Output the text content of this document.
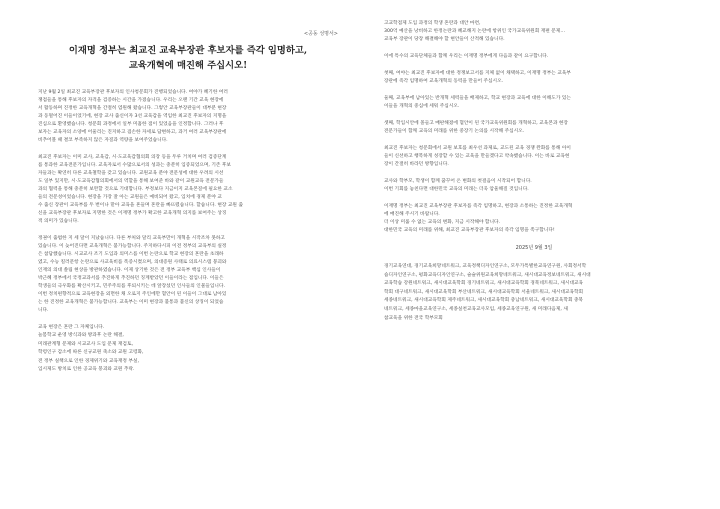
<공동 성명서>
이재명 정부는 최교진 교육부장관 후보자를 즉각 임명하고,
교육개혁에 매진해 주십시오!
지난 9월 2일 최교진 교육부장관 후보자의 인사청문회가 진행되었습니다. 여야가 혜기한 여러
쟁점들을 통해 후보자의 자격을 검증하는 시간을 가졌습니다. 우리는 오랜 기간 교육 현장에
서 활동하며 진정한 교육개혁을 간절히 염원해 왔습니다. 그렇안 교육부장관들이 대부분 현장
과 동떨어진 이들이었기에, 현장 교사 출신이자 3선 교육감을 역임한 최교진 후보자의 지명을
진심으로 환영했습니다. 청문회 과정에서 일부 미흡한 점이 있었음을 인정합니다. 그러나 후
보자는 교육자의 소양에 어울리는 진지하고 겸손한 자세로 답변하고, 과거 여러 교육부장관에
비추어볼 때 결코 부족하지 않은 자질과 역량을 보여주었습니다.
최교진 후보자는 이미 교사, 교육감, 시·도교육감협의회 의장 등을 두루 거치며 여러 검증단계
를 통과한 교육전문가입니다. 교육자로서 수많으로서의 성과는 충분히 입증되었으며, 기존 후보
자들과는 확연히 다른 교육철학을 갖고 있습니다. 교원교육 분야 전문성에 대한 우려의 시선
도 일부 있지만, 시·도교육감협의회에서의 역할을 통해 보여준 바와 같이 교원교육 전문가들
과의 협력을 통해 충분히 보완할 것으로 기대합니다. 부정보다 지금이지 교육본질에 필요한 교소
들의 전문성이었습니다. 현장을 가장 잘 아는 교원들은 예비되어 왔고, 입치에 경제 분야 교
수 출신 장관이 교육부를 두 번이나 맡아 교육을 흔들며 혼란을 빠뜨렸습니다. 할습니다. 현장 교원 출
신을 교육부장관 후보자로 지명한 것은 이재명 정부가 확고한 교육개혁 의지를 보여주는 상징
적 의미가 있습니다.
정권이 출범한 지 세 달이 지났습니다. 다른 부처와 달리 교육부만이 개혁을 시작조차 못하고
있습니다. 이 늦어진다면 교육개혁은 불가능합니다. 주지하다시피 이전 정부의 교육부의 실정
은 참담했습니다. 시교교사 조기 도입과 의미스를 이번 논란으로 학교 현장의 혼란을 초래하
였고, 수능 킬러문항 논란으로 사교육비를 폭증시켰으며, 의대증원 사태로 의료시스템 붕괴와
인재의 의대 쏠림 현상을 방관하였습니다. 이제 상기한 것은 전 정부 교육부 핵심 인사들이
박근혜 정부에서 국정교과서를 추진하게 추진하던 징계받았던 이들이라는 점입니다. 이들은
학생들의 극우화를 확산시키고, 민주주의를 후퇴시키는 데 앞장섰던 인사들의 인물들입니다.
이번 정치편향적으로 교육현장을 외면한 채 오로지 주인에만 혈안이 된 이들이 그대로 남아있
는 한 진정한 교육개혁은 불가능합니다. 교육부는 이미 현장과 불통과 불신의 상징이 되었습
니다.
교육 현장은 혼란 그 자체입니다.
늘봄학교 운영 방식과와 방과후 논란 해결,
미래관계형 문제와 시교교사 도입 문제 재검토,
학령인구 감소에 따른 신규교원 축소와 교원 고령화,
전 정부 실책으로 인한 경제위기와 교육재정 부실,
입시제도 방치로 인한 공교육 붕괴와 교원 추락.
고교학점제 도입 과정의 학생 혼란과 대안 마련,
300억 예산을 낭비하고 한정논란과 혜교해지 논란에 항위인 국가교육위원회 재편 문제…
교육부 장관이 당장 해결해야 할 현안들이 산적해 있습니다.
이에 특수의 교육단체들과 함께 우리는 이재명 정부에게 다음과 같이 요구합니다.
첫째, 여야는 최교진 후보자에 대한 정쟁보고서를 지체 없이 채택하고, 이재명 정부는 교육부
장관에 즉각 임명하여 교육개혁의 동력을 만들어 주십시오.
둘째, 교육부에 남아있는 반개혁 세력들을 배제하고, 학교 현장과 교육에 대한 이해도가 있는
이들을 개혁의 중심에 세워 주십시오.
셋째, 학입시안에 몰들고 매판해졌에 혈안이 된 국가교육위원회를 개혁하고, 교육본과 현장
전문가들이 함께 교육의 미래를 위한 중장기 논의를 시작해 주십시오.
최교진 후보자는 청문회에서 교원 보호를 최우선 과제로, 교도된 교육 경쟁 완화를 통해 아이
들이 신선하고 행복하게 성장할 수 있는 교육을 만들겠다고 약속했습니다. 이는 바로 교육현
장이 간절히 바라던 방향입니다.
교사와 학부모, 학생이 함께 꿈꾸어 온 변화의 첫걸음이 시작되어 합니다.
이번 기회를 놓친다면 대한민국 교육의 미래는 더욱 암울해질 것입니다.
이재명 정부는 최교진 교육부장관 후보자를 즉각 임명하고, 현장과 소통하는 진정한 교육개혁
에 매진해 주시기 바랍니다.
더 이상 미룰 수 없는 교육의 변화, 지금 시작해야 합니다.
대한민국 교육의 미래를 위해, 최교진 교육부장관 후보자의 즉각 임명을 촉구합니다!
2025년 9월 3일
경기교육연대, 경기교육희망네트워크, 교육정책디자인연구소, 모두가특별한교육연구원, 사회정서학
습디자인연구소, 평화교육디자인연구소, 슬슬위원교육희망네트워크, 새시대교육정보네트워크, 새시대
교육학습 강원네트워크, 새시대교육학회 경기네트워크, 새시대교육학회 경북네트워크, 새시대교육
학회 대구네트워크, 새시대교육학회 부산네트워크, 새시대교육학회 서울네트워크, 새시대교육학회
세종네트워크, 새시대교육학회 제주네트워크, 새시대교육학회 충남네트워크, 새시대교육학회 충북
네트워크, 세종마을교육연구소, 세종실천교육교사모임, 세종교육연구원, 새 미래다음제, 새
참교육을 위한 전국 학부모회
